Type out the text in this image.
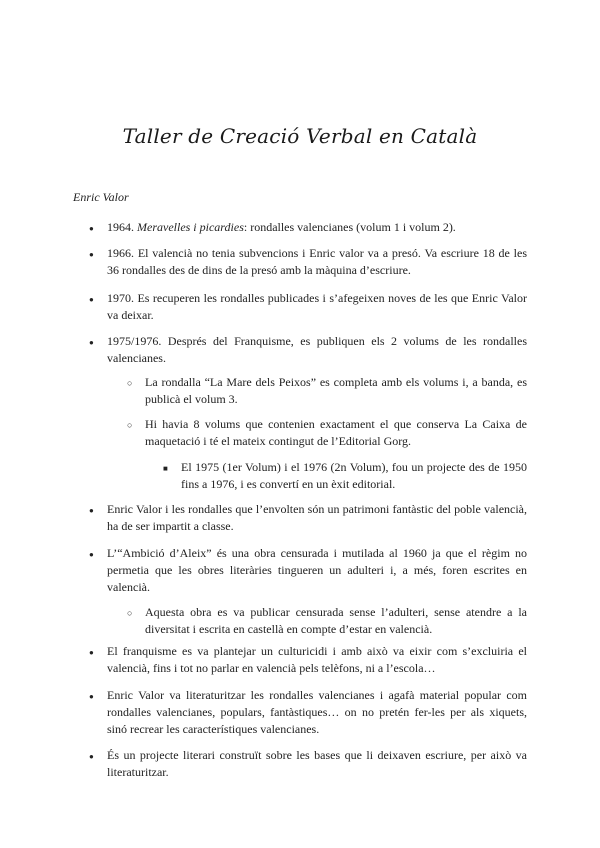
Taller de Creació Verbal en Català
Enric Valor
●
1964. Meravelles i picardies: rondalles valencianes (volum 1 i volum 2).
●
1966. El valencià no tenia subvencions i Enric valor va a presó. Va escriure 18 de les 36 rondalles des de dins de la presó amb la màquina d’escriure.
●
1970. Es recuperen les rondalles publicades i s’afegeixen noves de les que Enric Valor va deixar.
●
1975/1976. Després del Franquisme, es publiquen els 2 volums de les rondalles valencianes.
○
La rondalla “La Mare dels Peixos” es completa amb els volums i, a banda, es publicà el volum 3.
○
Hi havia 8 volums que contenien exactament el que conserva La Caixa de maquetació i té el mateix contingut de l’Editorial Gorg.
■
El 1975 (1er Volum) i el 1976 (2n Volum), fou un projecte des de 1950 fins a 1976, i es convertí en un èxit editorial.
●
Enric Valor i les rondalles que l’envolten són un patrimoni fantàstic del poble valencià, ha de ser impartit a classe.
●
L’“Ambició d’Aleix” és una obra censurada i mutilada al 1960 ja que el règim no permetia que les obres literàries tingueren un adulteri i, a més, foren escrites en valencià.
○
Aquesta obra es va publicar censurada sense l’adulteri, sense atendre a la diversitat i escrita en castellà en compte d’estar en valencià.
●
El franquisme es va plantejar un culturicidi i amb això va eixir com s’excluiria el valencià, fins i tot no parlar en valencià pels telèfons, ni a l’escola…
●
Enric Valor va literaturitzar les rondalles valencianes i agafà material popular com rondalles valencianes, populars, fantàstiques… on no pretén fer-les per als xiquets, sinó recrear les característiques valencianes.
●
És un projecte literari construït sobre les bases que li deixaven escriure, per això va literaturitzar.
